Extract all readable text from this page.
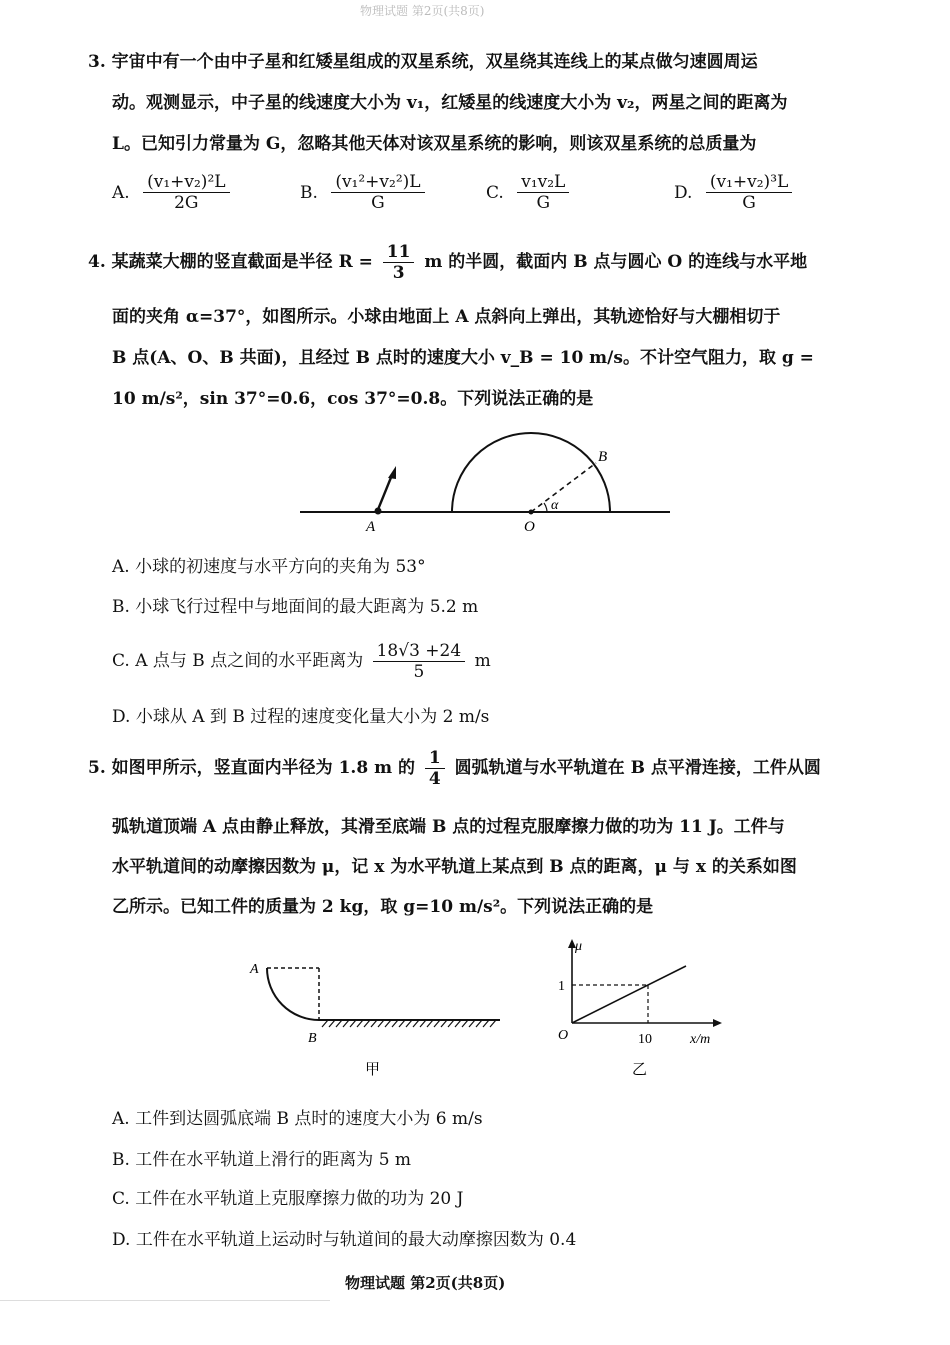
物理试题 第2页(共8页)
3. 宇宙中有一个由中子星和红矮星组成的双星系统，双星绕其连线上的某点做匀速圆周运
动。观测显示，中子星的线速度大小为 v₁，红矮星的线速度大小为 v₂，两星之间的距离为
L。已知引力常量为 G，忽略其他天体对该双星系统的影响，则该双星系统的总质量为
A. $\frac{\text{(v₁+v₂)²L}}{2G}$	B. $\frac{\text{(v₁²+v₂²)L}}{G}$	C. $\frac{\text{v₁v₂L}}{G}$	D. $\frac{\text{(v₁+v₂)³L}}{G}$
4. 某蔬菜大棚的竖直截面是半径 $R = \frac{11}{3}$ m 的半圆，截面内 B 点与圆心 O 的连线与水平地
面的夹角 α=37°，如图所示。小球由地面上 A 点斜向上弹出，其轨迹恰好与大棚相切于
B 点(A、O、B 共面)，且经过 B 点时的速度大小 v_B = 10 m/s。不计空气阻力，取 g =
10 m/s²，sin 37°=0.6，cos 37°=0.8。下列说法正确的是
A	O
B
α
A. 小球的初速度与水平方向的夹角为 53°
B. 小球飞行过程中与地面间的最大距离为 5.2 m
C. A 点与 B 点之间的水平距离为 $\frac{18√3 +24}{5}$ m
D. 小球从 A 到 B 过程的速度变化量大小为 2 m/s
5. 如图甲所示，竖直面内半径为 1.8 m 的 $\frac{1}{4}$ 圆弧轨道与水平轨道在 B 点平滑连接，工件从圆
弧轨道顶端 A 点由静止释放，其滑至底端 B 点的过程克服摩擦力做的功为 11 J。工件与
水平轨道间的动摩擦因数为 μ，记 x 为水平轨道上某点到 B 点的距离，μ 与 x 的关系如图
乙所示。已知工件的质量为 2 kg，取 g=10 m/s²。下列说法正确的是
A
B
甲
μ
1
O	10	x/m
乙
A. 工件到达圆弧底端 B 点时的速度大小为 6 m/s
B. 工件在水平轨道上滑行的距离为 5 m
C. 工件在水平轨道上克服摩擦力做的功为 20 J
D. 工件在水平轨道上运动时与轨道间的最大动摩擦因数为 0.4
物理试题 第2页(共8页)
